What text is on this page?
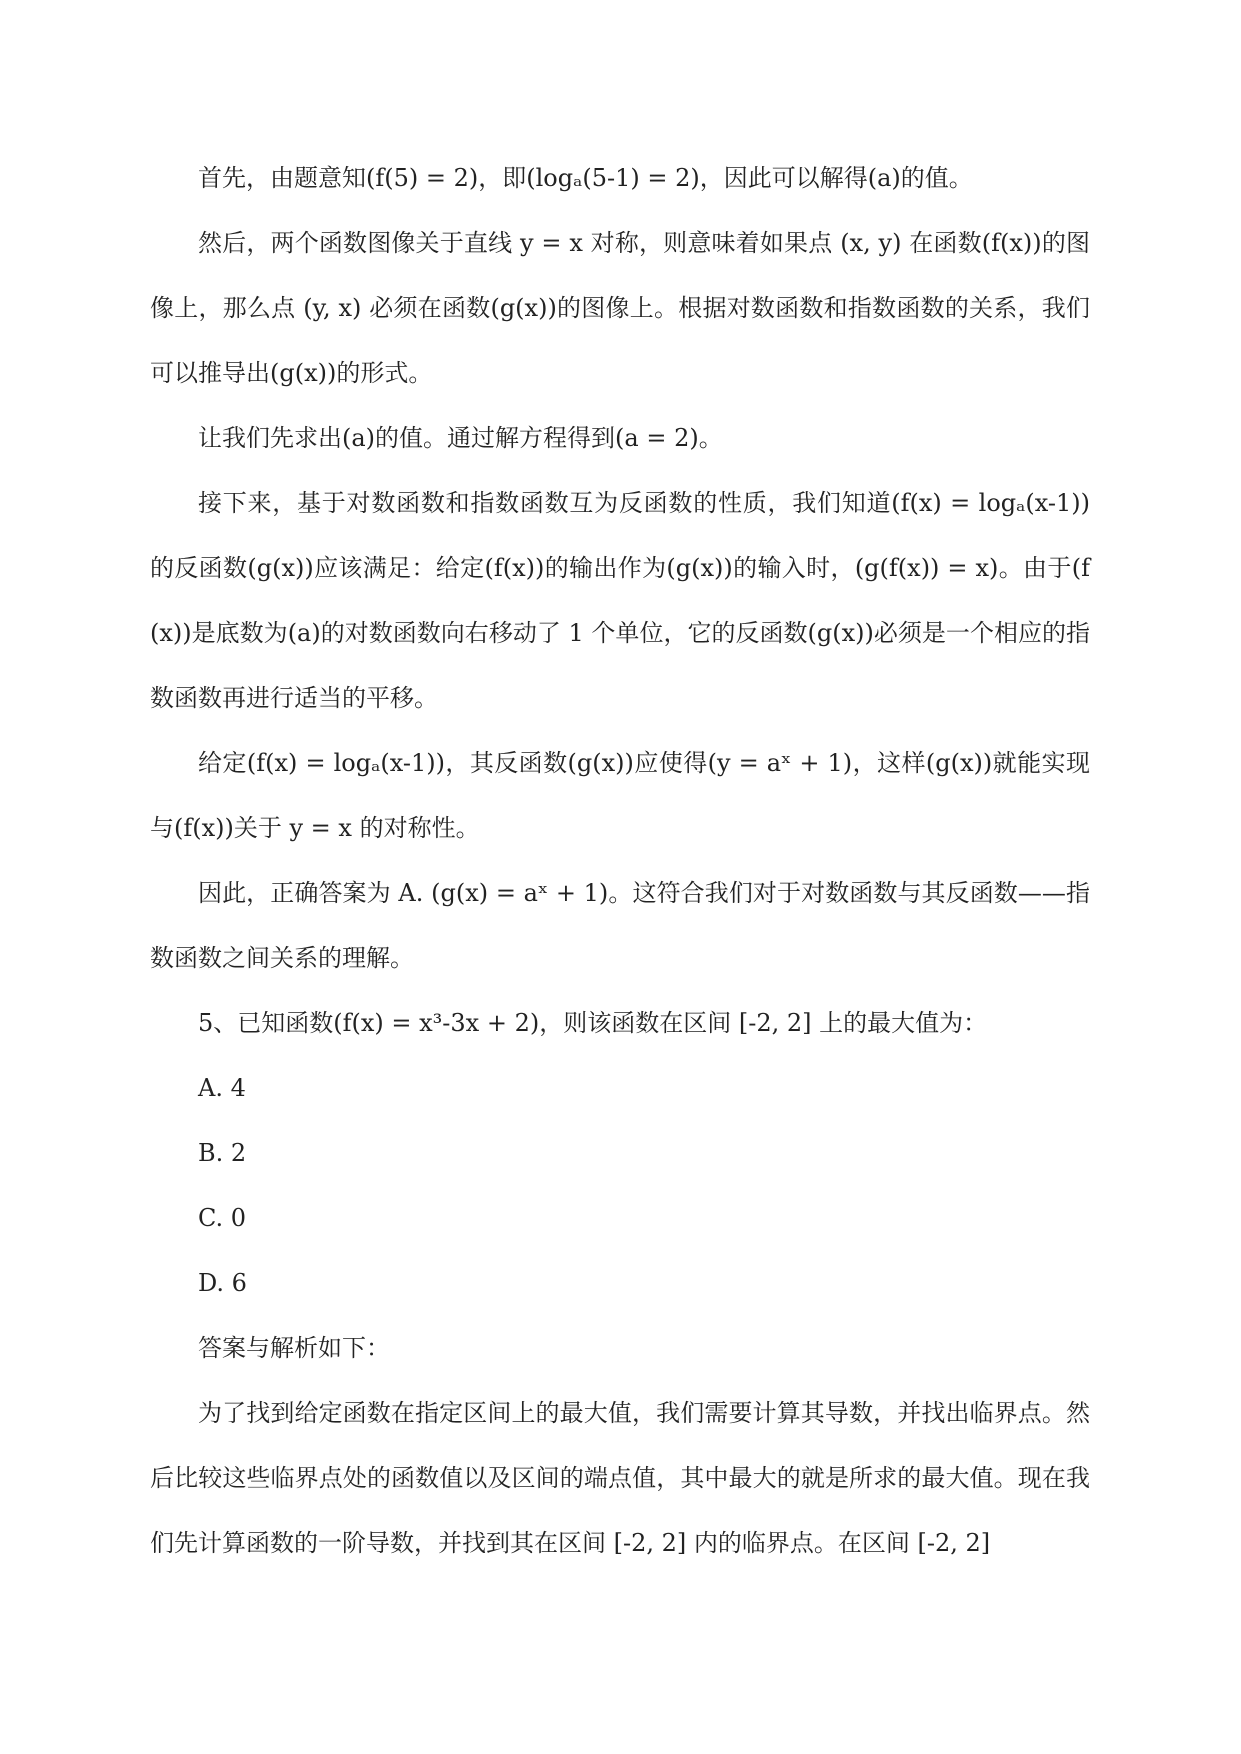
首先，由题意知(f(5) = 2)，即(logₐ(5-1) = 2)，因此可以解得(a)的值。

然后，两个函数图像关于直线 y = x 对称，则意味着如果点 (x, y) 在函数(f(x))的图像上，那么点 (y, x) 必须在函数(g(x))的图像上。根据对数函数和指数函数的关系，我们可以推导出(g(x))的形式。

让我们先求出(a)的值。通过解方程得到(a = 2)。

接下来，基于对数函数和指数函数互为反函数的性质，我们知道(f(x) = logₐ(x-1))的反函数(g(x))应该满足：给定(f(x))的输出作为(g(x))的输入时，(g(f(x)) = x)。由于(f(x))是底数为(a)的对数函数向右移动了 1 个单位，它的反函数(g(x))必须是一个相应的指数函数再进行适当的平移。

给定(f(x) = logₐ(x-1))，其反函数(g(x))应使得(y = aˣ + 1)，这样(g(x))就能实现与(f(x))关于 y = x 的对称性。

因此，正确答案为 A. (g(x) = aˣ + 1)。这符合我们对于对数函数与其反函数——指数函数之间关系的理解。

5、已知函数(f(x) = x³-3x + 2)，则该函数在区间 [-2, 2] 上的最大值为：

A. 4

B. 2

C. 0

D. 6

答案与解析如下：

为了找到给定函数在指定区间上的最大值，我们需要计算其导数，并找出临界点。然后比较这些临界点处的函数值以及区间的端点值，其中最大的就是所求的最大值。现在我们先计算函数的一阶导数，并找到其在区间 [-2, 2] 内的临界点。在区间 [-2, 2]
